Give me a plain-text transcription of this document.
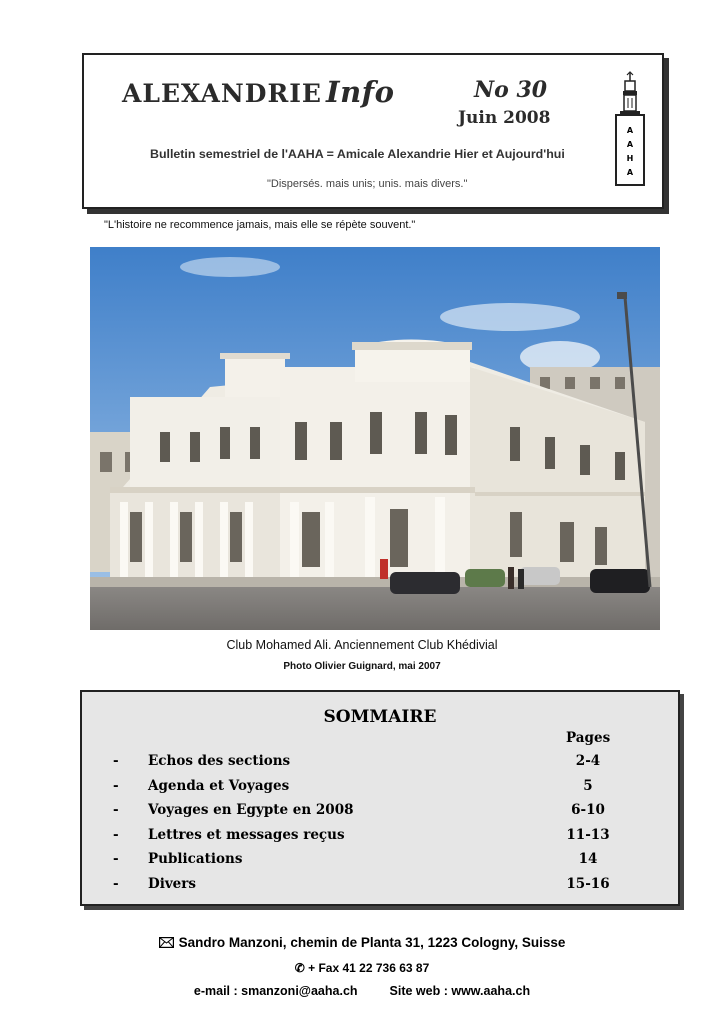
ALEXANDRIE Info	No 30
Juin 2008
Bulletin semestriel de l'AAHA = Amicale Alexandrie Hier et Aujourd'hui
"Dispersés. mais unis; unis. mais divers."
A
A
H
A
"L'histoire ne recommence jamais, mais elle se répète souvent."
Club Mohamed Ali. Anciennement Club Khédivial
Photo Olivier Guignard, mai 2007
SOMMAIRE
Pages
- Echos des sections	2-4
- Agenda et Voyages	5
- Voyages en Egypte en 2008	6-10
- Lettres et messages reçus	11-13
- Publications	14
- Divers	15-16
Sandro Manzoni, chemin de Planta 31, 1223 Cologny, Suisse
✆ + Fax 41 22 736 63 87
e-mail : smanzoni@aaha.ch	Site web : www.aaha.ch
